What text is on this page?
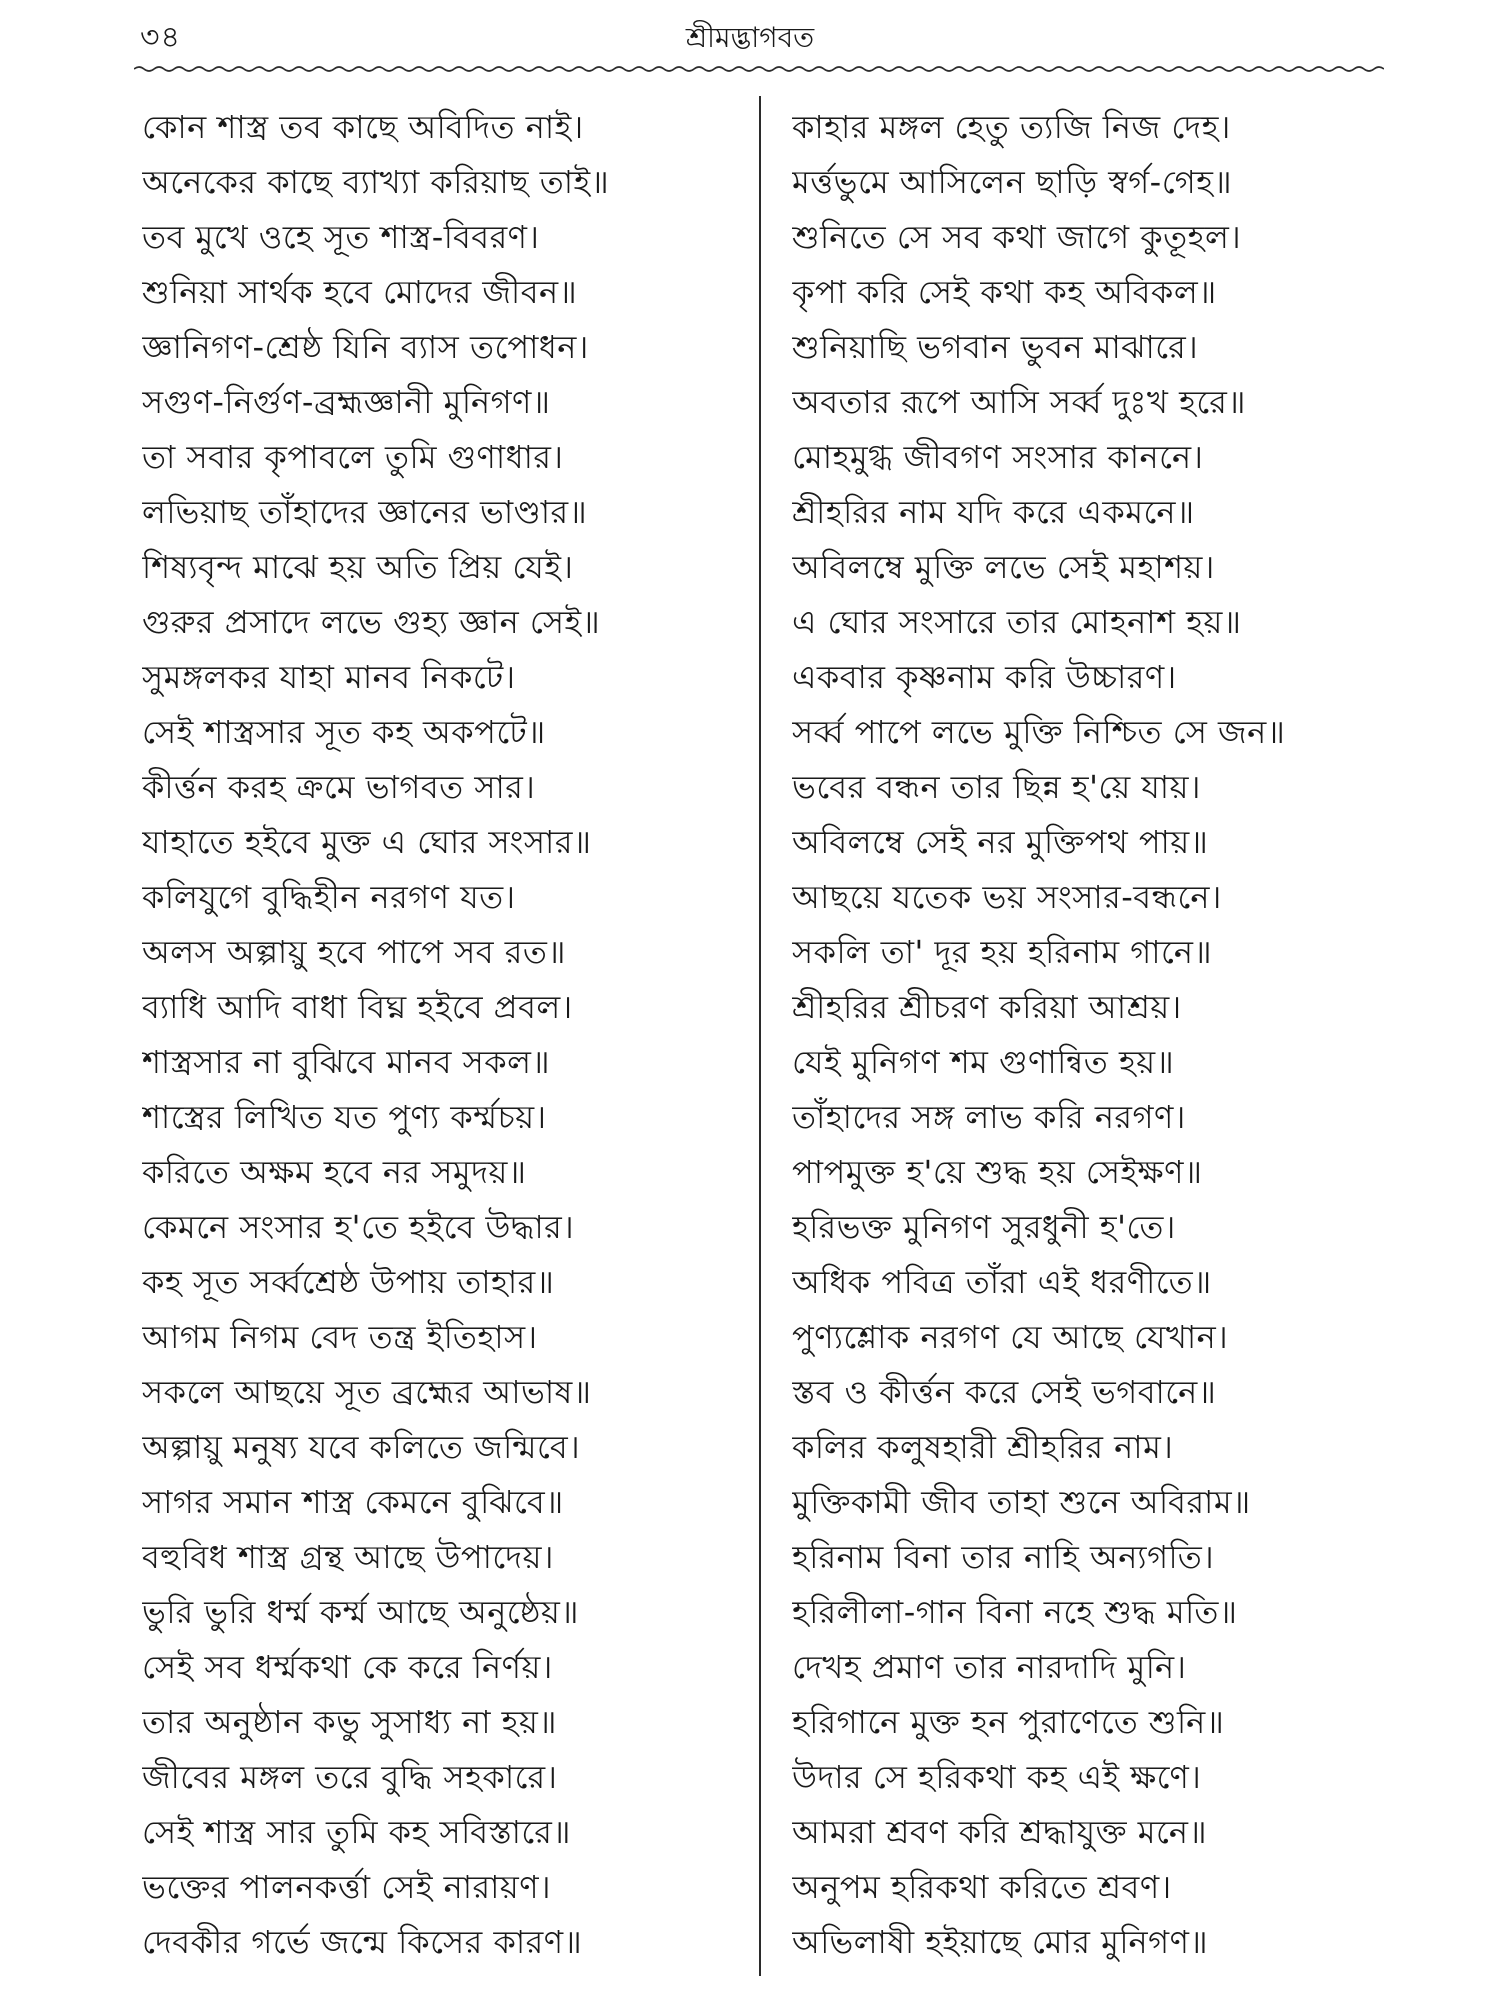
৩৪	শ্রীমদ্ভাগবত
কোন শাস্ত্র তব কাছে অবিদিত নাই।
অনেকের কাছে ব্যাখ্যা করিয়াছ তাই॥
তব মুখে ওহে সূত শাস্ত্র-বিবরণ।
শুনিয়া সার্থক হবে মোদের জীবন॥
জ্ঞানিগণ-শ্রেষ্ঠ যিনি ব্যাস তপোধন।
সগুণ-নির্গুণ-ব্রহ্মজ্ঞানী মুনিগণ॥
তা সবার কৃপাবলে তুমি গুণাধার।
লভিয়াছ তাঁহাদের জ্ঞানের ভাণ্ডার॥
শিষ্যবৃন্দ মাঝে হয় অতি প্রিয় যেই।
গুরুর প্রসাদে লভে গুহ্য জ্ঞান সেই॥
সুমঙ্গলকর যাহা মানব নিকটে।
সেই শাস্ত্রসার সূত কহ অকপটে॥
কীর্ত্তন করহ ক্রমে ভাগবত সার।
যাহাতে হইবে মুক্ত এ ঘোর সংসার॥
কলিযুগে বুদ্ধিহীন নরগণ যত।
অলস অল্পায়ু হবে পাপে সব রত॥
ব্যাধি আদি বাধা বিঘ্ন হইবে প্রবল।
শাস্ত্রসার না বুঝিবে মানব সকল॥
শাস্ত্রের লিখিত যত পুণ্য কর্ম্মচয়।
করিতে অক্ষম হবে নর সমুদয়॥
কেমনে সংসার হ'তে হইবে উদ্ধার।
কহ সূত সর্ব্বশ্রেষ্ঠ উপায় তাহার॥
আগম নিগম বেদ তন্ত্র ইতিহাস।
সকলে আছয়ে সূত ব্রহ্মের আভাষ॥
অল্পায়ু মনুষ্য যবে কলিতে জন্মিবে।
সাগর সমান শাস্ত্র কেমনে বুঝিবে॥
বহুবিধ শাস্ত্র গ্রন্থ আছে উপাদেয়।
ভুরি ভুরি ধর্ম্ম কর্ম্ম আছে অনুষ্ঠেয়॥
সেই সব ধর্ম্মকথা কে করে নির্ণয়।
তার অনুষ্ঠান কভু সুসাধ্য না হয়॥
জীবের মঙ্গল তরে বুদ্ধি সহকারে।
সেই শাস্ত্র সার তুমি কহ সবিস্তারে॥
ভক্তের পালনকর্ত্তা সেই নারায়ণ।
দেবকীর গর্ভে জন্মে কিসের কারণ॥
কাহার মঙ্গল হেতু ত্যজি নিজ দেহ।
মর্ত্তভুমে আসিলেন ছাড়ি স্বর্গ-গেহ॥
শুনিতে সে সব কথা জাগে কুতূহল।
কৃপা করি সেই কথা কহ অবিকল॥
শুনিয়াছি ভগবান ভুবন মাঝারে।
অবতার রূপে আসি সর্ব্ব দুঃখ হরে॥
মোহমুগ্ধ জীবগণ সংসার কাননে।
শ্রীহরির নাম যদি করে একমনে॥
অবিলম্বে মুক্তি লভে সেই মহাশয়।
এ ঘোর সংসারে তার মোহনাশ হয়॥
একবার কৃষ্ণনাম করি উচ্চারণ।
সর্ব্ব পাপে লভে মুক্তি নিশ্চিত সে জন॥
ভবের বন্ধন তার ছিন্ন হ'য়ে যায়।
অবিলম্বে সেই নর মুক্তিপথ পায়॥
আছয়ে যতেক ভয় সংসার-বন্ধনে।
সকলি তা' দূর হয় হরিনাম গানে॥
শ্রীহরির শ্রীচরণ করিয়া আশ্রয়।
যেই মুনিগণ শম গুণান্বিত হয়॥
তাঁহাদের সঙ্গ লাভ করি নরগণ।
পাপমুক্ত হ'য়ে শুদ্ধ হয় সেইক্ষণ॥
হরিভক্ত মুনিগণ সুরধুনী হ'তে।
অধিক পবিত্র তাঁরা এই ধরণীতে॥
পুণ্যশ্লোক নরগণ যে আছে যেখান।
স্তব ও কীর্ত্তন করে সেই ভগবানে॥
কলির কলুষহারী শ্রীহরির নাম।
মুক্তিকামী জীব তাহা শুনে অবিরাম॥
হরিনাম বিনা তার নাহি অন্যগতি।
হরিলীলা-গান বিনা নহে শুদ্ধ মতি॥
দেখহ প্রমাণ তার নারদাদি মুনি।
হরিগানে মুক্ত হন পুরাণেতে শুনি॥
উদার সে হরিকথা কহ এই ক্ষণে।
আমরা শ্রবণ করি শ্রদ্ধাযুক্ত মনে॥
অনুপম হরিকথা করিতে শ্রবণ।
অভিলাষী হইয়াছে মোর মুনিগণ॥
